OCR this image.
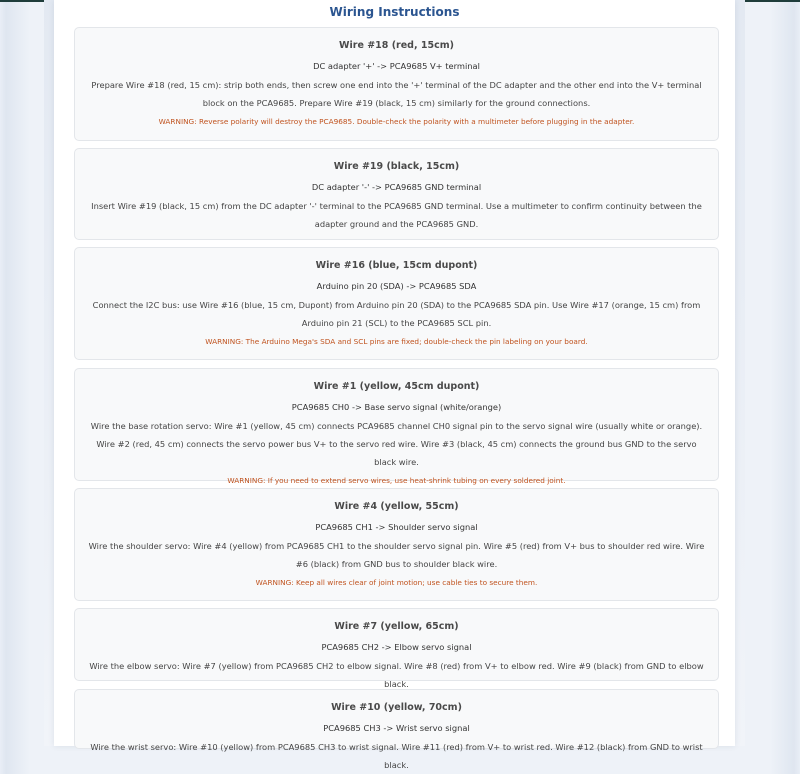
Wiring Instructions
Wire #18 (red, 15cm)
DC adapter '+' -> PCA9685 V+ terminal
Prepare Wire #18 (red, 15 cm): strip both ends, then screw one end into the '+' terminal of the DC adapter and the other end into the V+ terminal block on the PCA9685. Prepare Wire #19 (black, 15 cm) similarly for the ground connections.
WARNING: Reverse polarity will destroy the PCA9685. Double-check the polarity with a multimeter before plugging in the adapter.
Wire #19 (black, 15cm)
DC adapter '-' -> PCA9685 GND terminal
Insert Wire #19 (black, 15 cm) from the DC adapter '-' terminal to the PCA9685 GND terminal. Use a multimeter to confirm continuity between the adapter ground and the PCA9685 GND.
Wire #16 (blue, 15cm dupont)
Arduino pin 20 (SDA) -> PCA9685 SDA
Connect the I2C bus: use Wire #16 (blue, 15 cm, Dupont) from Arduino pin 20 (SDA) to the PCA9685 SDA pin. Use Wire #17 (orange, 15 cm) from Arduino pin 21 (SCL) to the PCA9685 SCL pin.
WARNING: The Arduino Mega's SDA and SCL pins are fixed; double-check the pin labeling on your board.
Wire #1 (yellow, 45cm dupont)
PCA9685 CH0 -> Base servo signal (white/orange)
Wire the base rotation servo: Wire #1 (yellow, 45 cm) connects PCA9685 channel CH0 signal pin to the servo signal wire (usually white or orange). Wire #2 (red, 45 cm) connects the servo power bus V+ to the servo red wire. Wire #3 (black, 45 cm) connects the ground bus GND to the servo black wire.
WARNING: If you need to extend servo wires, use heat-shrink tubing on every soldered joint.
Wire #4 (yellow, 55cm)
PCA9685 CH1 -> Shoulder servo signal
Wire the shoulder servo: Wire #4 (yellow) from PCA9685 CH1 to the shoulder servo signal pin. Wire #5 (red) from V+ bus to shoulder red wire. Wire #6 (black) from GND bus to shoulder black wire.
WARNING: Keep all wires clear of joint motion; use cable ties to secure them.
Wire #7 (yellow, 65cm)
PCA9685 CH2 -> Elbow servo signal
Wire the elbow servo: Wire #7 (yellow) from PCA9685 CH2 to elbow signal. Wire #8 (red) from V+ to elbow red. Wire #9 (black) from GND to elbow black.
Wire #10 (yellow, 70cm)
PCA9685 CH3 -> Wrist servo signal
Wire the wrist servo: Wire #10 (yellow) from PCA9685 CH3 to wrist signal. Wire #11 (red) from V+ to wrist red. Wire #12 (black) from GND to wrist black.
